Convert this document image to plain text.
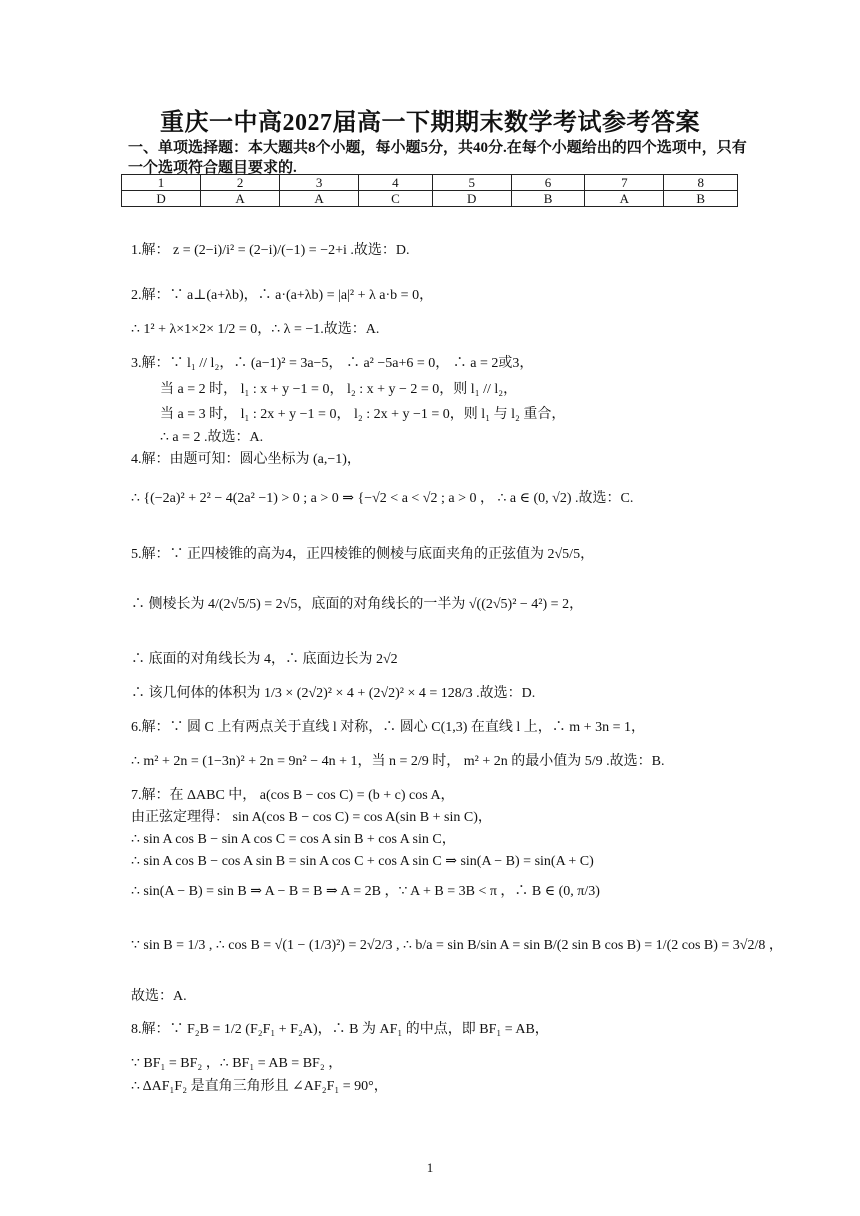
重庆一中高2027届高一下期期末数学考试参考答案
一、单项选择题：本大题共8个小题，每小题5分，共40分.在每个小题给出的四个选项中，只有一个选项符合题目要求的.
1	2	3	4	5	6	7	8
D	A	A	C	D	B	A	B
1.解： z = (2−i)/i² = (2−i)/(−1) = −2+i .故选：D.
2.解：∵ a⊥(a+λb)，∴ a·(a+λb) = |a|² + λ a·b = 0，
∴ 1² + λ×1×2× 1/2 = 0，∴ λ = −1.故选：A.
3.解：∵ l₁ // l₂，∴ (a−1)² = 3a−5， ∴ a² −5a+6 = 0， ∴ a = 2或3，
当 a = 2 时， l₁ : x + y −1 = 0， l₂ : x + y − 2 = 0，则 l₁ // l₂，
当 a = 3 时， l₁ : 2x + y −1 = 0， l₂ : 2x + y −1 = 0，则 l₁ 与 l₂ 重合，
∴ a = 2 .故选：A.
4.解：由题可知：圆心坐标为 (a,−1)，
∴ {(−2a)² + 2² − 4(2a² −1) > 0 ; a > 0 ⇒ {−√2 < a < √2 ; a > 0 ， ∴ a ∈ (0, √2) .故选：C.
5.解：∵ 正四棱锥的高为4，正四棱锥的侧棱与底面夹角的正弦值为 2√5/5，
∴ 侧棱长为 4/(2√5/5) = 2√5，底面的对角线长的一半为 √((2√5)² − 4²) = 2，
∴ 底面的对角线长为 4，∴ 底面边长为 2√2
∴ 该几何体的体积为 1/3 × (2√2)² × 4 + (2√2)² × 4 = 128/3 .故选：D.
6.解：∵ 圆 C 上有两点关于直线 l 对称，∴ 圆心 C(1,3) 在直线 l 上，∴ m + 3n = 1，
∴ m² + 2n = (1−3n)² + 2n = 9n² − 4n + 1，当 n = 2/9 时， m² + 2n 的最小值为 5/9 .故选：B.
7.解：在 ΔABC 中， a(cos B − cos C) = (b + c) cos A，
由正弦定理得： sin A(cos B − cos C) = cos A(sin B + sin C)，
∴ sin A cos B − sin A cos C = cos A sin B + cos A sin C，
∴ sin A cos B − cos A sin B = sin A cos C + cos A sin C ⇒ sin(A − B) = sin(A + C)
∴ sin(A − B) = sin B ⇒ A − B = B ⇒ A = 2B ，∵ A + B = 3B < π ，∴ B ∈ (0, π/3)
∵ sin B = 1/3 , ∴ cos B = √(1 − (1/3)²) = 2√2/3 , ∴ b/a = sin B/sin A = sin B/(2 sin B cos B) = 1/(2 cos B) = 3√2/8 ，
故选：A.
8.解：∵ F₂B = 1/2 (F₂F₁ + F₂A)，∴ B 为 AF₁ 的中点，即 BF₁ = AB，
∵ BF₁ = BF₂ ，∴ BF₁ = AB = BF₂ ，
∴ ΔAF₁F₂ 是直角三角形且 ∠AF₂F₁ = 90°，
1
